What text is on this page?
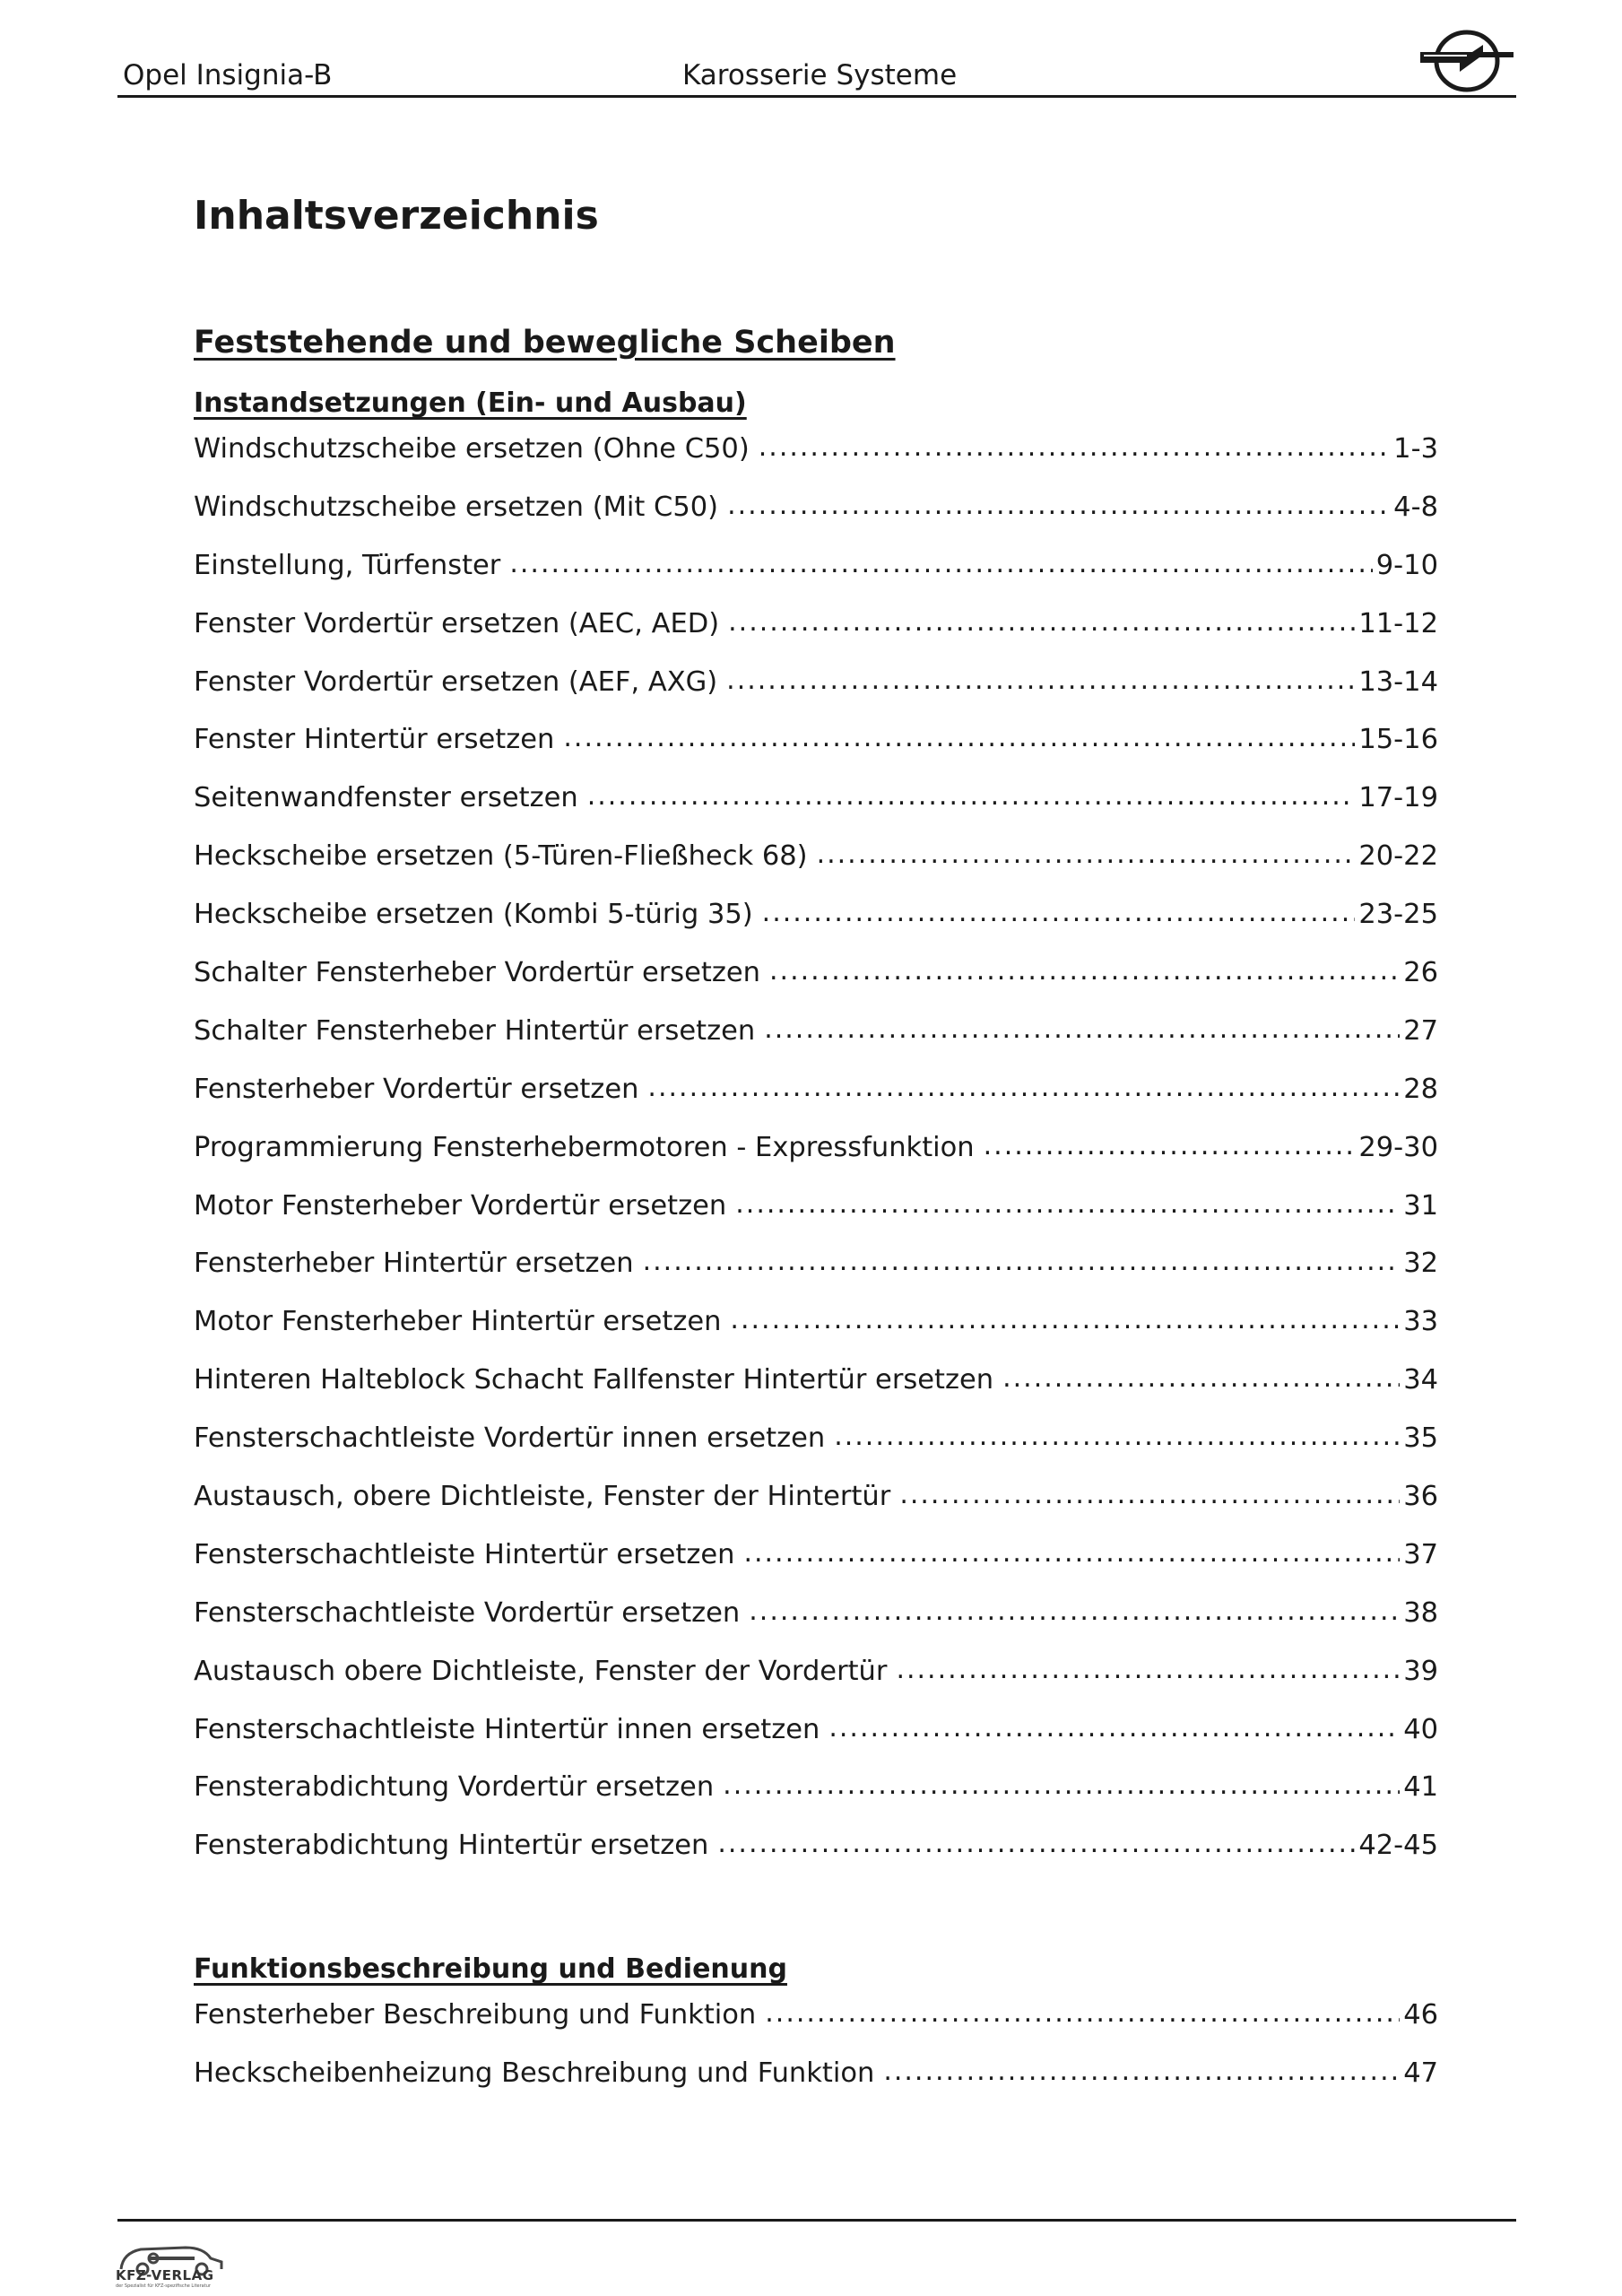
Opel Insignia-B	Karosserie Systeme
Inhaltsverzeichnis
Feststehende und bewegliche Scheiben
Instandsetzungen (Ein- und Ausbau)
Windschutzscheibe ersetzen (Ohne C50) .....	1-3
Windschutzscheibe ersetzen (Mit C50) .....	4-8
Einstellung, Türfenster .....	9-10
Fenster Vordertür ersetzen (AEC, AED) .....	11-12
Fenster Vordertür ersetzen (AEF, AXG) .....	13-14
Fenster Hintertür ersetzen .....	15-16
Seitenwandfenster ersetzen .....	17-19
Heckscheibe ersetzen (5-Türen-Fließheck 68) .....	20-22
Heckscheibe ersetzen (Kombi 5-türig 35) .....	23-25
Schalter Fensterheber Vordertür ersetzen .....	26
Schalter Fensterheber Hintertür ersetzen .....	27
Fensterheber Vordertür ersetzen .....	28
Programmierung Fensterhebermotoren - Expressfunktion .....	29-30
Motor Fensterheber Vordertür ersetzen .....	31
Fensterheber Hintertür ersetzen .....	32
Motor Fensterheber Hintertür ersetzen .....	33
Hinteren Halteblock Schacht Fallfenster Hintertür ersetzen .....	34
Fensterschachtleiste Vordertür innen ersetzen .....	35
Austausch, obere Dichtleiste, Fenster der Hintertür .....	36
Fensterschachtleiste Hintertür ersetzen .....	37
Fensterschachtleiste Vordertür ersetzen .....	38
Austausch obere Dichtleiste, Fenster der Vordertür .....	39
Fensterschachtleiste Hintertür innen ersetzen .....	40
Fensterabdichtung Vordertür ersetzen .....	41
Fensterabdichtung Hintertür ersetzen .....	42-45
Funktionsbeschreibung und Bedienung
Fensterheber Beschreibung und Funktion .....	46
Heckscheibenheizung Beschreibung und Funktion .....	47
KFZ-VERLAG
der Spezialist für KFZ-spezifische Literatur
